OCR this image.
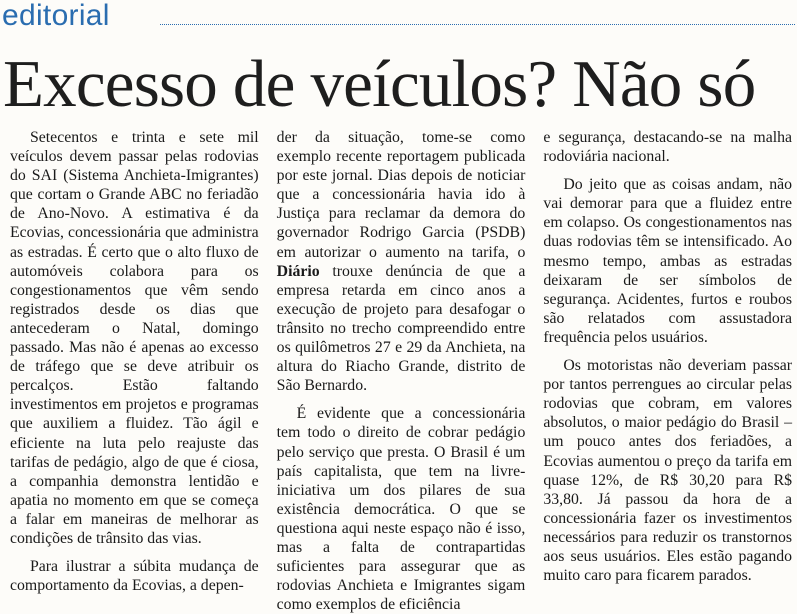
editorial
Excesso de veículos? Não só

Setecentos e trinta e sete mil veículos devem passar pelas rodovias do SAI (Sistema Anchieta-Imigrantes) que cortam o Grande ABC no feriadão de Ano-Novo. A estimativa é da Ecovias, concessionária que administra as estradas. É certo que o alto fluxo de automóveis colabora para os congestionamentos que vêm sendo registrados desde os dias que antecederam o Natal, domingo passado. Mas não é apenas ao excesso de tráfego que se deve atribuir os percalços. Estão faltando investimentos em projetos e programas que auxiliem a fluidez. Tão ágil e eficiente na luta pelo reajuste das tarifas de pedágio, algo de que é ciosa, a companhia demonstra lentidão e apatia no momento em que se começa a falar em maneiras de melhorar as condições de trânsito das vias.

Para ilustrar a súbita mudança de comportamento da Ecovias, a depen-

der da situação, tome-se como exemplo recente reportagem publicada por este jornal. Dias depois de noticiar que a concessionária havia ido à Justiça para reclamar da demora do governador Rodrigo Garcia (PSDB) em autorizar o aumento na tarifa, o Diário trouxe denúncia de que a empresa retarda em cinco anos a execução de projeto para desafogar o trânsito no trecho compreendido entre os quilômetros 27 e 29 da Anchieta, na altura do Riacho Grande, distrito de São Bernardo.

É evidente que a concessionária tem todo o direito de cobrar pedágio pelo serviço que presta. O Brasil é um país capitalista, que tem na livre-iniciativa um dos pilares de sua existência democrática. O que se questiona aqui neste espaço não é isso, mas a falta de contrapartidas suficientes para assegurar que as rodovias Anchieta e Imigrantes sigam como exemplos de eficiência

e segurança, destacando-se na malha rodoviária nacional.

Do jeito que as coisas andam, não vai demorar para que a fluidez entre em colapso. Os congestionamentos nas duas rodovias têm se intensificado. Ao mesmo tempo, ambas as estradas deixaram de ser símbolos de segurança. Acidentes, furtos e roubos são relatados com assustadora frequência pelos usuários.

Os motoristas não deveriam passar por tantos perrengues ao circular pelas rodovias que cobram, em valores absolutos, o maior pedágio do Brasil – um pouco antes dos feriadões, a Ecovias aumentou o preço da tarifa em quase 12%, de R$ 30,20 para R$ 33,80. Já passou da hora de a concessionária fazer os investimentos necessários para reduzir os transtornos aos seus usuários. Eles estão pagando muito caro para ficarem parados.
